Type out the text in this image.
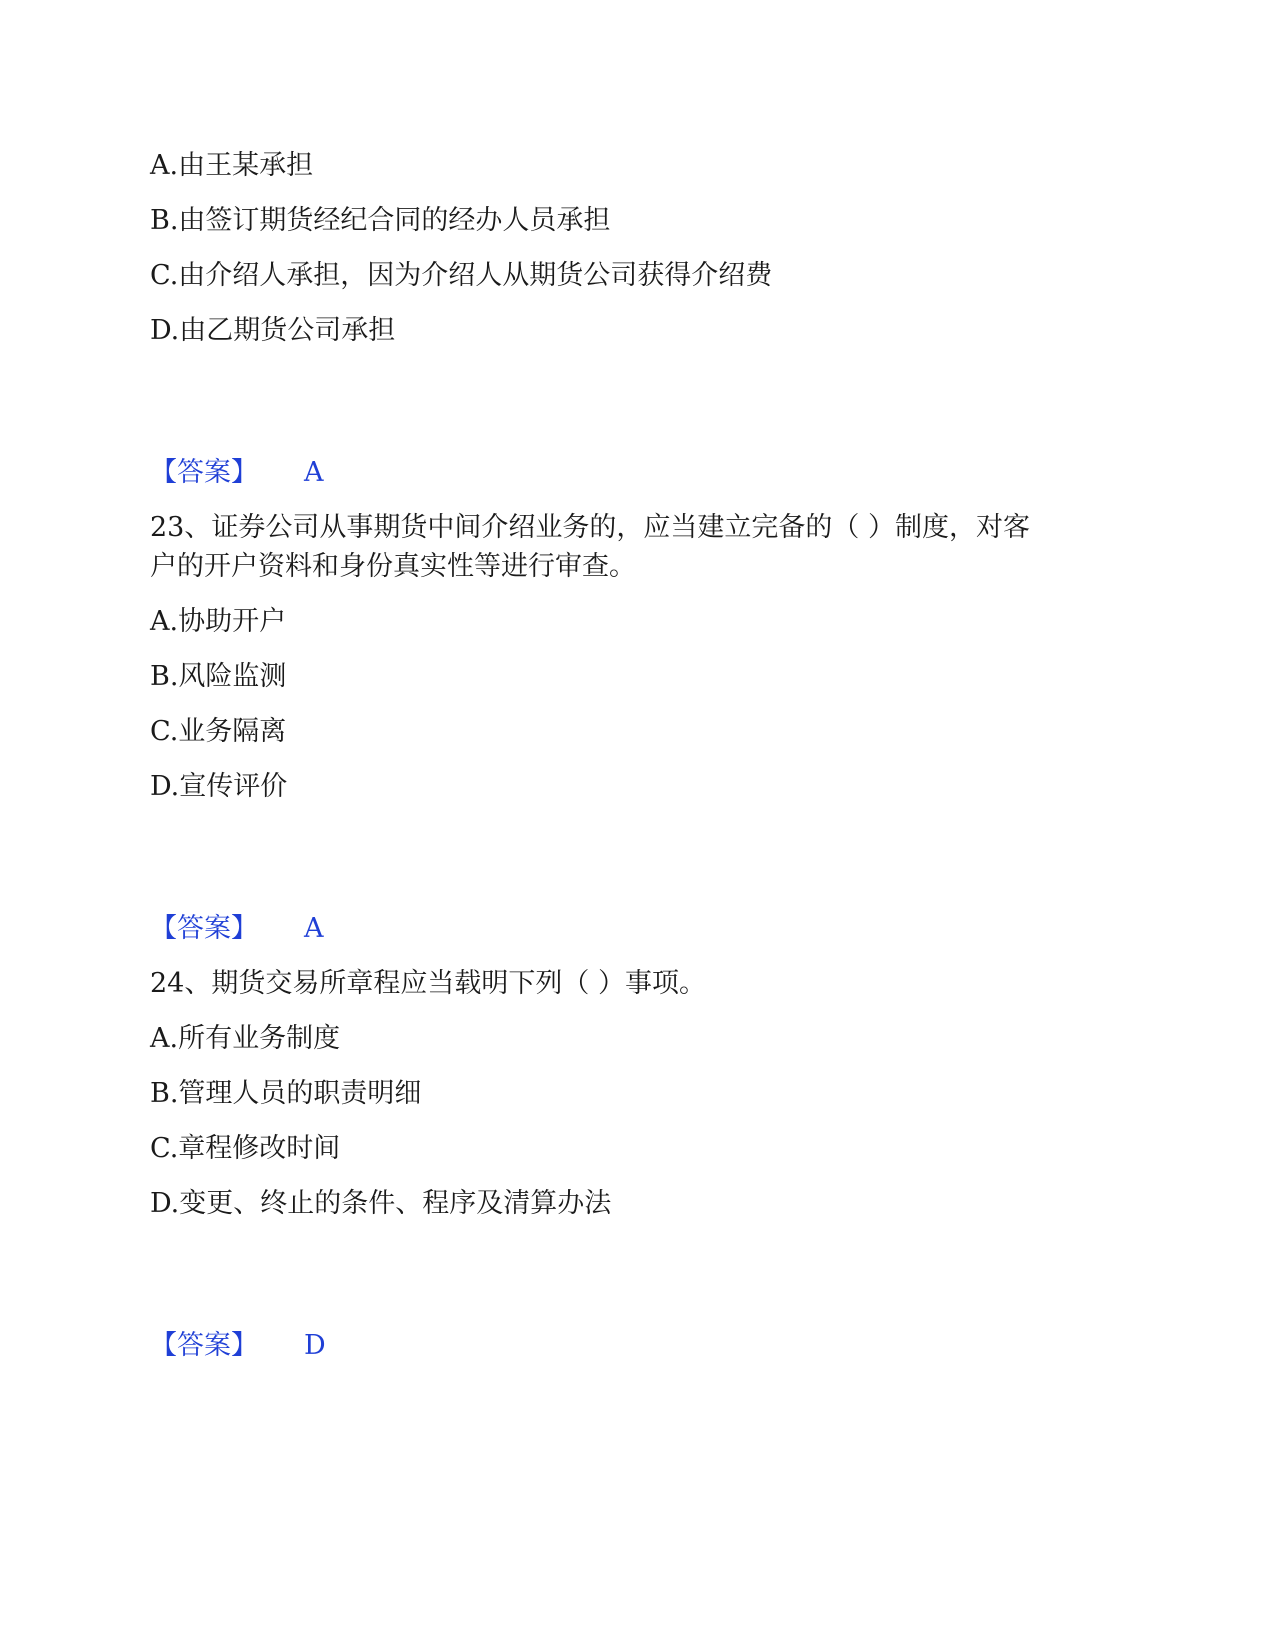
A.由王某承担
B.由签订期货经纪合同的经办人员承担
C.由介绍人承担，因为介绍人从期货公司获得介绍费
D.由乙期货公司承担
【答案】 A
23、证券公司从事期货中间介绍业务的，应当建立完备的（ ）制度，对客
户的开户资料和身份真实性等进行审查。
A.协助开户
B.风险监测
C.业务隔离
D.宣传评价
【答案】 A
24、期货交易所章程应当载明下列（ ）事项。
A.所有业务制度
B.管理人员的职责明细
C.章程修改时间
D.变更、终止的条件、程序及清算办法
【答案】 D
